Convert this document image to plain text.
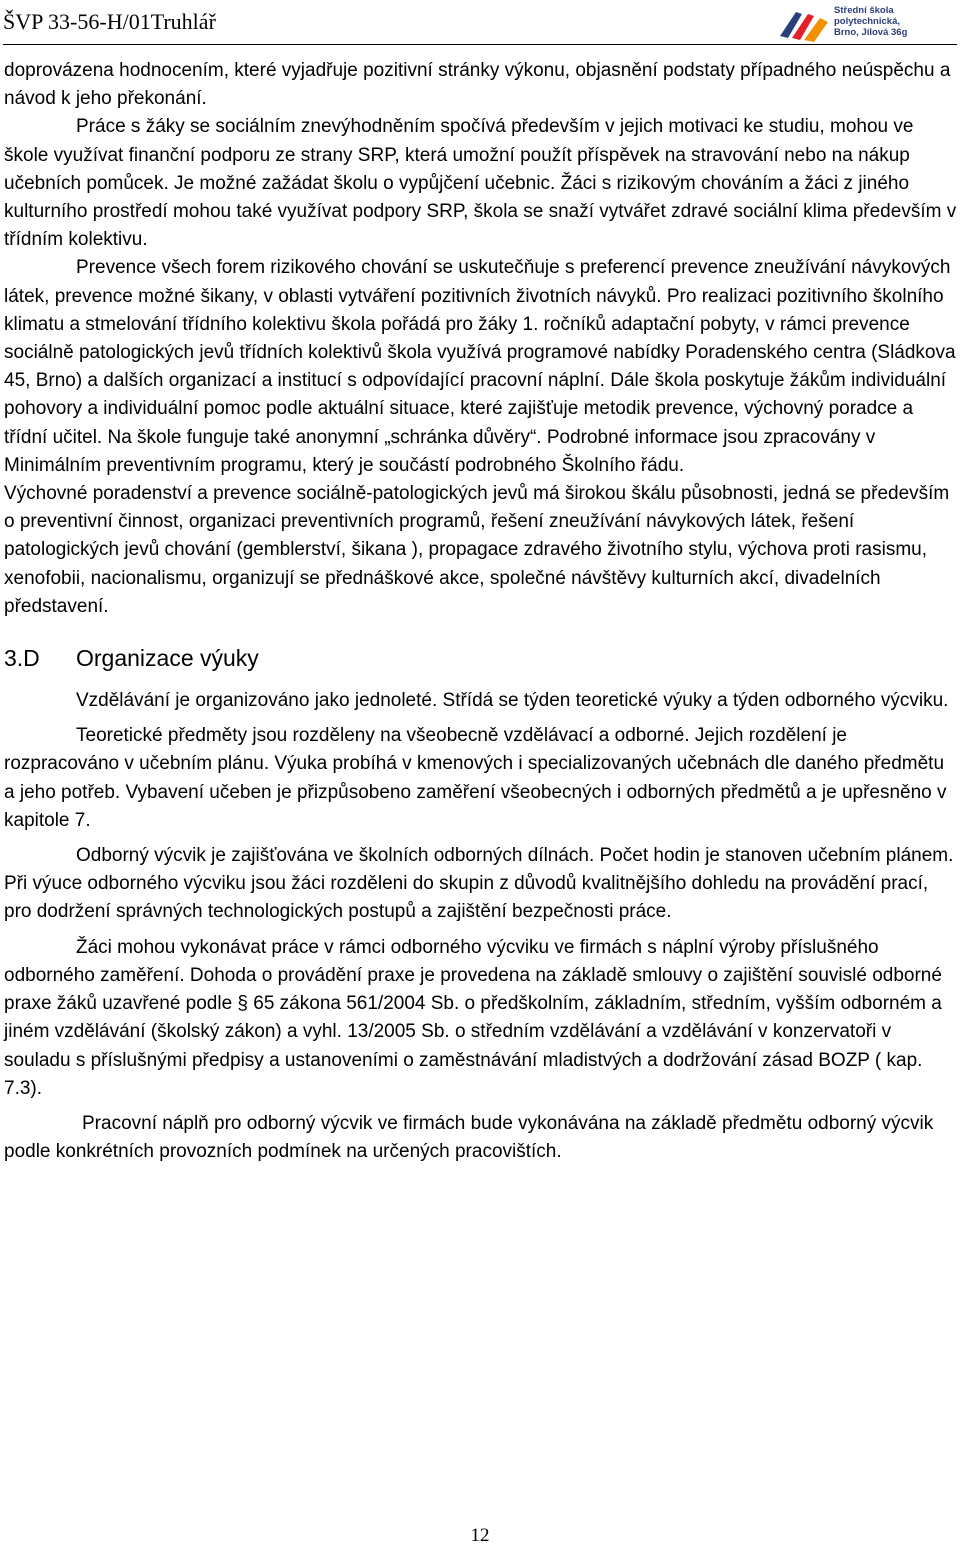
ŠVP 33-56-H/01Truhlář	Střední škola
polytechnická,
Brno, Jílová 36g

doprovázena hodnocením, které vyjadřuje pozitivní stránky výkonu, objasnění podstaty případného neúspěchu a návod k jeho překonání.

Práce s žáky se sociálním znevýhodněním spočívá především v jejich motivaci ke studiu, mohou ve škole využívat finanční podporu ze strany SRP, která umožní použít příspěvek na stravování nebo na nákup učebních pomůcek. Je možné zažádat školu o vypůjčení učebnic. Žáci s rizikovým chováním a žáci z jiného kulturního prostředí mohou také využívat podpory SRP, škola se snaží vytvářet zdravé sociální klima především v třídním kolektivu.

Prevence všech forem rizikového chování se uskutečňuje s preferencí prevence zneužívání návykových látek, prevence možné šikany, v oblasti vytváření pozitivních životních návyků. Pro realizaci pozitivního školního klimatu a stmelování třídního kolektivu škola pořádá pro žáky 1. ročníků adaptační pobyty, v rámci prevence sociálně patologických jevů třídních kolektivů škola využívá programové nabídky Poradenského centra (Sládkova 45, Brno) a dalších organizací a institucí s odpovídající pracovní náplní. Dále škola poskytuje žákům individuální pohovory a individuální pomoc podle aktuální situace, které zajišťuje metodik prevence, výchovný poradce a třídní učitel. Na škole funguje také anonymní „schránka důvěry“. Podrobné informace jsou zpracovány v Minimálním preventivním programu, který je součástí podrobného Školního řádu.

Výchovné poradenství a prevence sociálně-patologických jevů má širokou škálu působnosti, jedná se především o preventivní činnost, organizaci preventivních programů, řešení zneužívání návykových látek, řešení patologických jevů chování (gemblerství, šikana ), propagace zdravého životního stylu, výchova proti rasismu, xenofobii, nacionalismu, organizují se přednáškové akce, společné návštěvy kulturních akcí, divadelních představení.

3.D Organizace výuky

Vzdělávání je organizováno jako jednoleté. Střídá se týden teoretické výuky a týden odborného výcviku.

Teoretické předměty jsou rozděleny na všeobecně vzdělávací a odborné. Jejich rozdělení je rozpracováno v učebním plánu. Výuka probíhá v kmenových i specializovaných učebnách dle daného předmětu a jeho potřeb. Vybavení učeben je přizpůsobeno zaměření všeobecných i odborných předmětů a je upřesněno v kapitole 7.

Odborný výcvik je zajišťována ve školních odborných dílnách. Počet hodin je stanoven učebním plánem. Při výuce odborného výcviku jsou žáci rozděleni do skupin z důvodů kvalitnějšího dohledu na provádění prací, pro dodržení správných technologických postupů a zajištění bezpečnosti práce.

Žáci mohou vykonávat práce v rámci odborného výcviku ve firmách s náplní výroby příslušného odborného zaměření. Dohoda o provádění praxe je provedena na základě smlouvy o zajištění souvislé odborné praxe žáků uzavřené podle § 65 zákona 561/2004 Sb. o předškolním, základním, středním, vyšším odborném a jiném vzdělávání (školský zákon) a vyhl. 13/2005 Sb. o středním vzdělávání a vzdělávání v konzervatoři v souladu s příslušnými předpisy a ustanoveními o zaměstnávání mladistvých a dodržování zásad BOZP ( kap. 7.3).

Pracovní náplň pro odborný výcvik ve firmách bude vykonávána na základě předmětu odborný výcvik podle konkrétních provozních podmínek na určených pracovištích.

12
